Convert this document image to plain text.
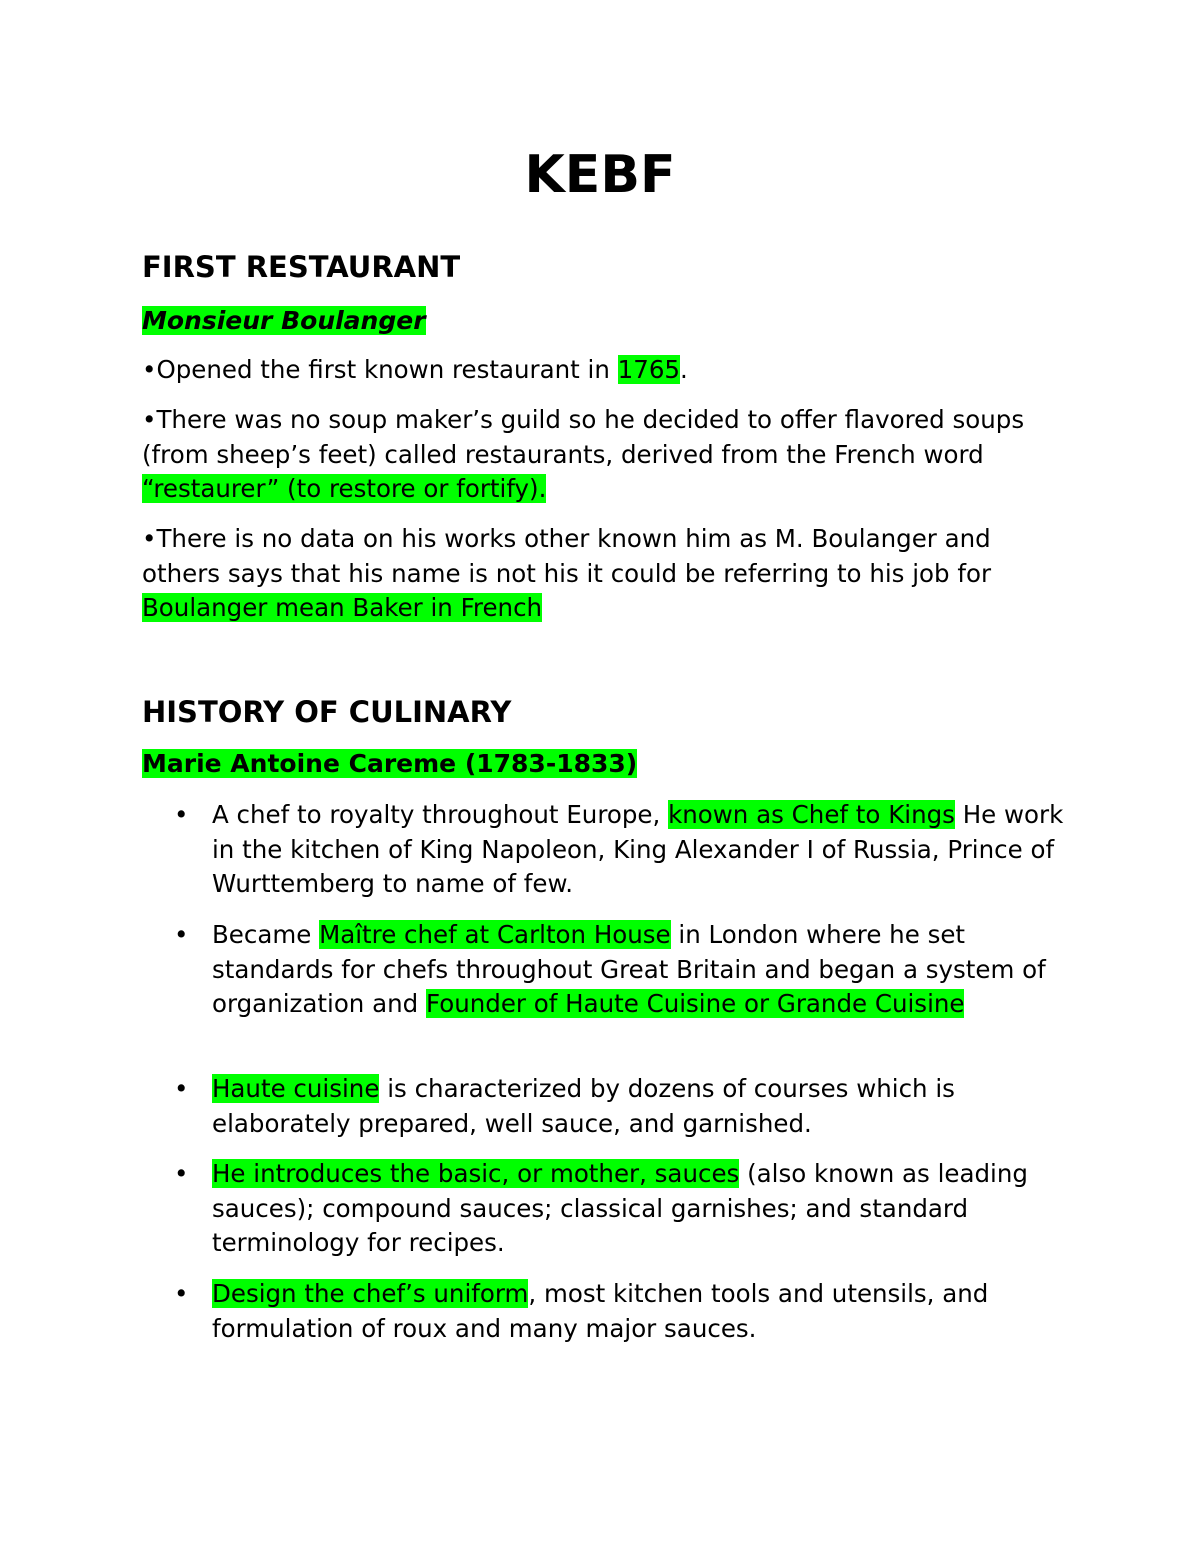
KEBF
FIRST RESTAURANT
Monsieur Boulanger

•Opened the first known restaurant in 1765.

•There was no soup maker’s guild so he decided to offer flavored soups (from sheep’s feet) called restaurants, derived from the French word “restaurer” (to restore or fortify).

•There is no data on his works other known him as M. Boulanger and others says that his name is not his it could be referring to his job for Boulanger mean Baker in French

HISTORY OF CULINARY
Marie Antoine Careme (1783-1833)

• A chef to royalty throughout Europe, known as Chef to Kings He work in the kitchen of King Napoleon, King Alexander I of Russia, Prince of Wurttemberg to name of few.

• Became Maître chef at Carlton House in London where he set standards for chefs throughout Great Britain and began a system of organization and Founder of Haute Cuisine or Grande Cuisine

• Haute cuisine is characterized by dozens of courses which is elaborately prepared, well sauce, and garnished.

• He introduces the basic, or mother, sauces (also known as leading sauces); compound sauces; classical garnishes; and standard terminology for recipes.

• Design the chef’s uniform, most kitchen tools and utensils, and formulation of roux and many major sauces.
